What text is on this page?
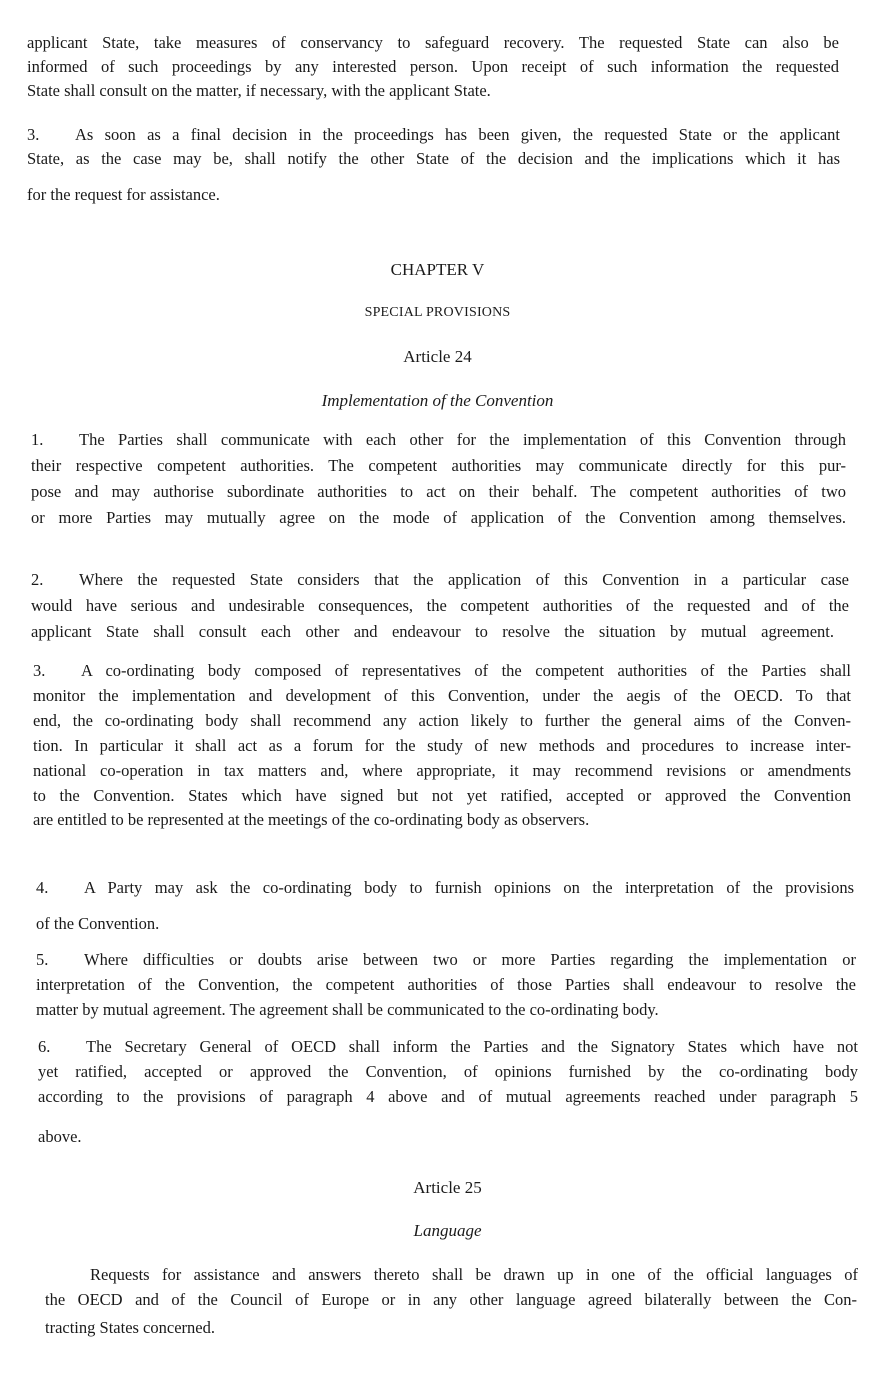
applicant State, take measures of conservancy to safeguard recovery. The requested State can also be
informed of such proceedings by any interested person. Upon receipt of such information the requested
State shall consult on the matter, if necessary, with the applicant State.
3. As soon as a final decision in the proceedings has been given, the requested State or the applicant
State, as the case may be, shall notify the other State of the decision and the implications which it has
for the request for assistance.
CHAPTER V
SPECIAL PROVISIONS
Article 24
Implementation of the Convention
1. The Parties shall communicate with each other for the implementation of this Convention through
their respective competent authorities. The competent authorities may communicate directly for this pur-
pose and may authorise subordinate authorities to act on their behalf. The competent authorities of two
or more Parties may mutually agree on the mode of application of the Convention among themselves.
2. Where the requested State considers that the application of this Convention in a particular case
would have serious and undesirable consequences, the competent authorities of the requested and of the
applicant State shall consult each other and endeavour to resolve the situation by mutual agreement.
3. A co-ordinating body composed of representatives of the competent authorities of the Parties shall
monitor the implementation and development of this Convention, under the aegis of the OECD. To that
end, the co-ordinating body shall recommend any action likely to further the general aims of the Conven-
tion. In particular it shall act as a forum for the study of new methods and procedures to increase inter-
national co-operation in tax matters and, where appropriate, it may recommend revisions or amendments
to the Convention. States which have signed but not yet ratified, accepted or approved the Convention
are entitled to be represented at the meetings of the co-ordinating body as observers.
4. A Party may ask the co-ordinating body to furnish opinions on the interpretation of the provisions
of the Convention.
5. Where difficulties or doubts arise between two or more Parties regarding the implementation or
interpretation of the Convention, the competent authorities of those Parties shall endeavour to resolve the
matter by mutual agreement. The agreement shall be communicated to the co-ordinating body.
6. The Secretary General of OECD shall inform the Parties and the Signatory States which have not
yet ratified, accepted or approved the Convention, of opinions furnished by the co-ordinating body
according to the provisions of paragraph 4 above and of mutual agreements reached under paragraph 5
above.
Article 25
Language
Requests for assistance and answers thereto shall be drawn up in one of the official languages of
the OECD and of the Council of Europe or in any other language agreed bilaterally between the Con-
tracting States concerned.
